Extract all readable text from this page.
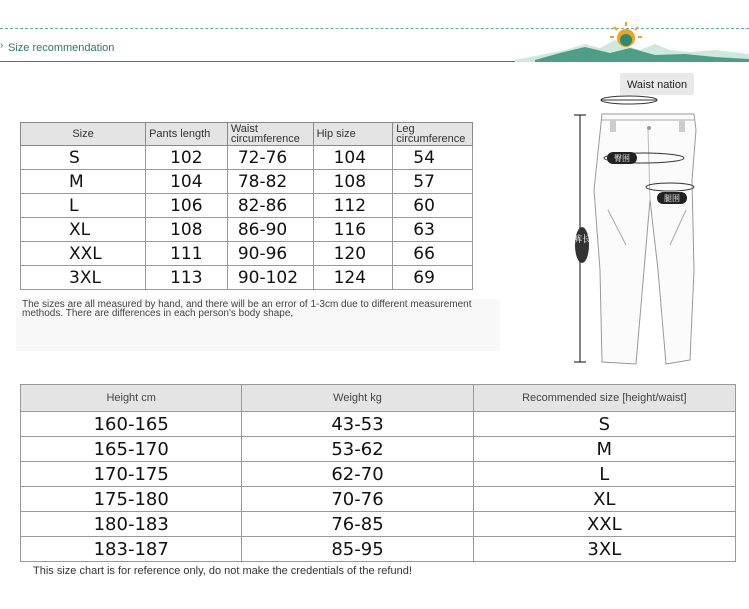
› Size recommendation
Size	Pants length	Waist circumference	Hip size	Leg circumference
S	102	72-76	104	54
M	104	78-82	108	57
L	106	82-86	112	60
XL	108	86-90	116	63
XXL	111	90-96	120	66
3XL	113	90-102	124	69
The sizes are all measured by hand, and there will be an error of 1-3cm due to different measurement methods. There are differences in each person's body shape,
Waist nation
裤长
臀围
腿围
Height cm	Weight kg	Recommended size [height/waist]
160-165	43-53	S
165-170	53-62	M
170-175	62-70	L
175-180	70-76	XL
180-183	76-85	XXL
183-187	85-95	3XL
This size chart is for reference only, do not make the credentials of the refund!
